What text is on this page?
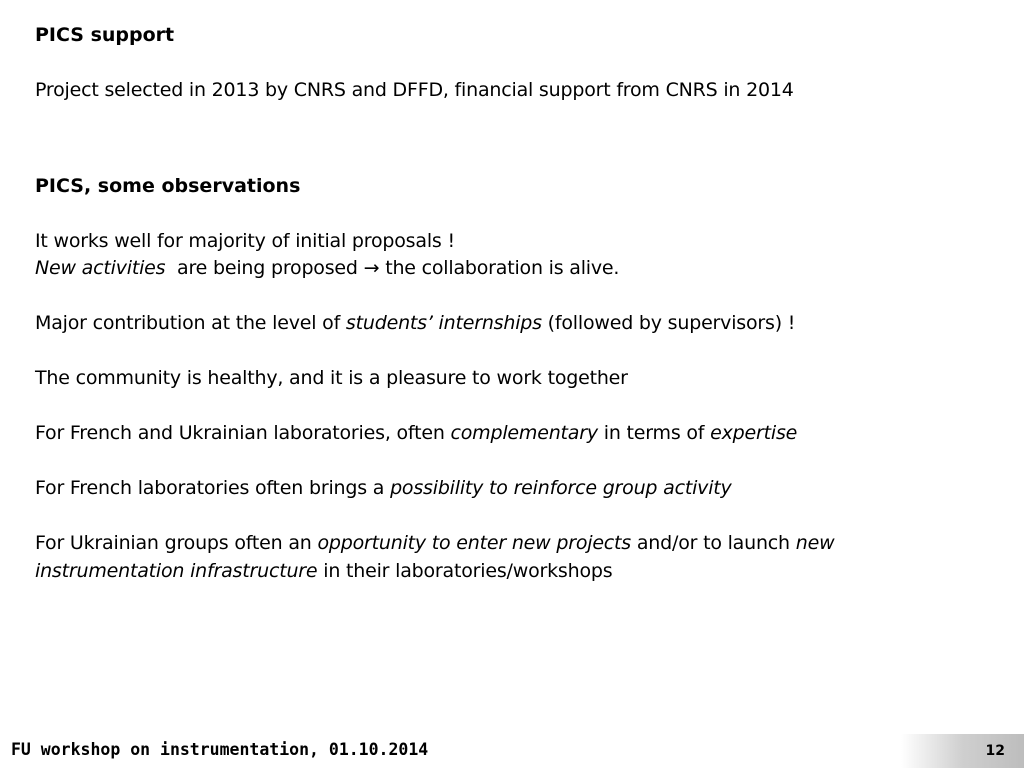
PICS support
Project selected in 2013 by CNRS and DFFD, financial support from CNRS in 2014
PICS, some observations
It works well for majority of initial proposals !
New activities  are being proposed → the collaboration is alive.
Major contribution at the level of students’ internships (followed by supervisors) !
The community is healthy, and it is a pleasure to work together
For French and Ukrainian laboratories, often complementary in terms of expertise
For French laboratories often brings a possibility to reinforce group activity
For Ukrainian groups often an opportunity to enter new projects and/or to launch new
instrumentation infrastructure in their laboratories/workshops
FU workshop on instrumentation, 01.10.2014	12
